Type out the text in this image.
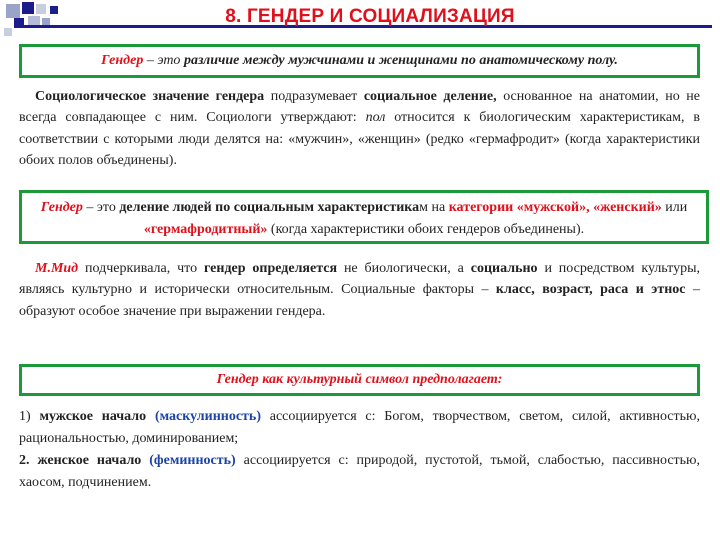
8. ГЕНДЕР И СОЦИАЛИЗАЦИЯ
Гендер – это различие между мужчинами и женщинами по анатомическому полу.
Социологическое значение гендера подразумевает социальное деление, основанное на анатомии, но не всегда совпадающее с ним. Социологи утверждают: пол относится к биологическим характеристикам, в соответствии с которыми люди делятся на: «мужчин», «женщин» (редко «гермафродит» (когда характеристики обоих полов объединены).
Гендер – это деление людей по социальным характеристикам на категории «мужской», «женский» или «гермафродитный» (когда характеристики обоих гендеров объединены).
М.Мид подчеркивала, что гендер определяется не биологически, а социально и посредством культуры, являясь культурно и исторически относительным. Социальные факторы – класс, возраст, раса и этнос – образуют особое значение при выражении гендера.
Гендер как культурный символ предполагает:
1) мужское начало (маскулинность) ассоциируется с: Богом, творчеством, светом, силой, активностью, рациональностью, доминированием;
2. женское начало (феминность) ассоциируется с: природой, пустотой, тьмой, слабостью, пассивностью, хаосом, подчинением.
